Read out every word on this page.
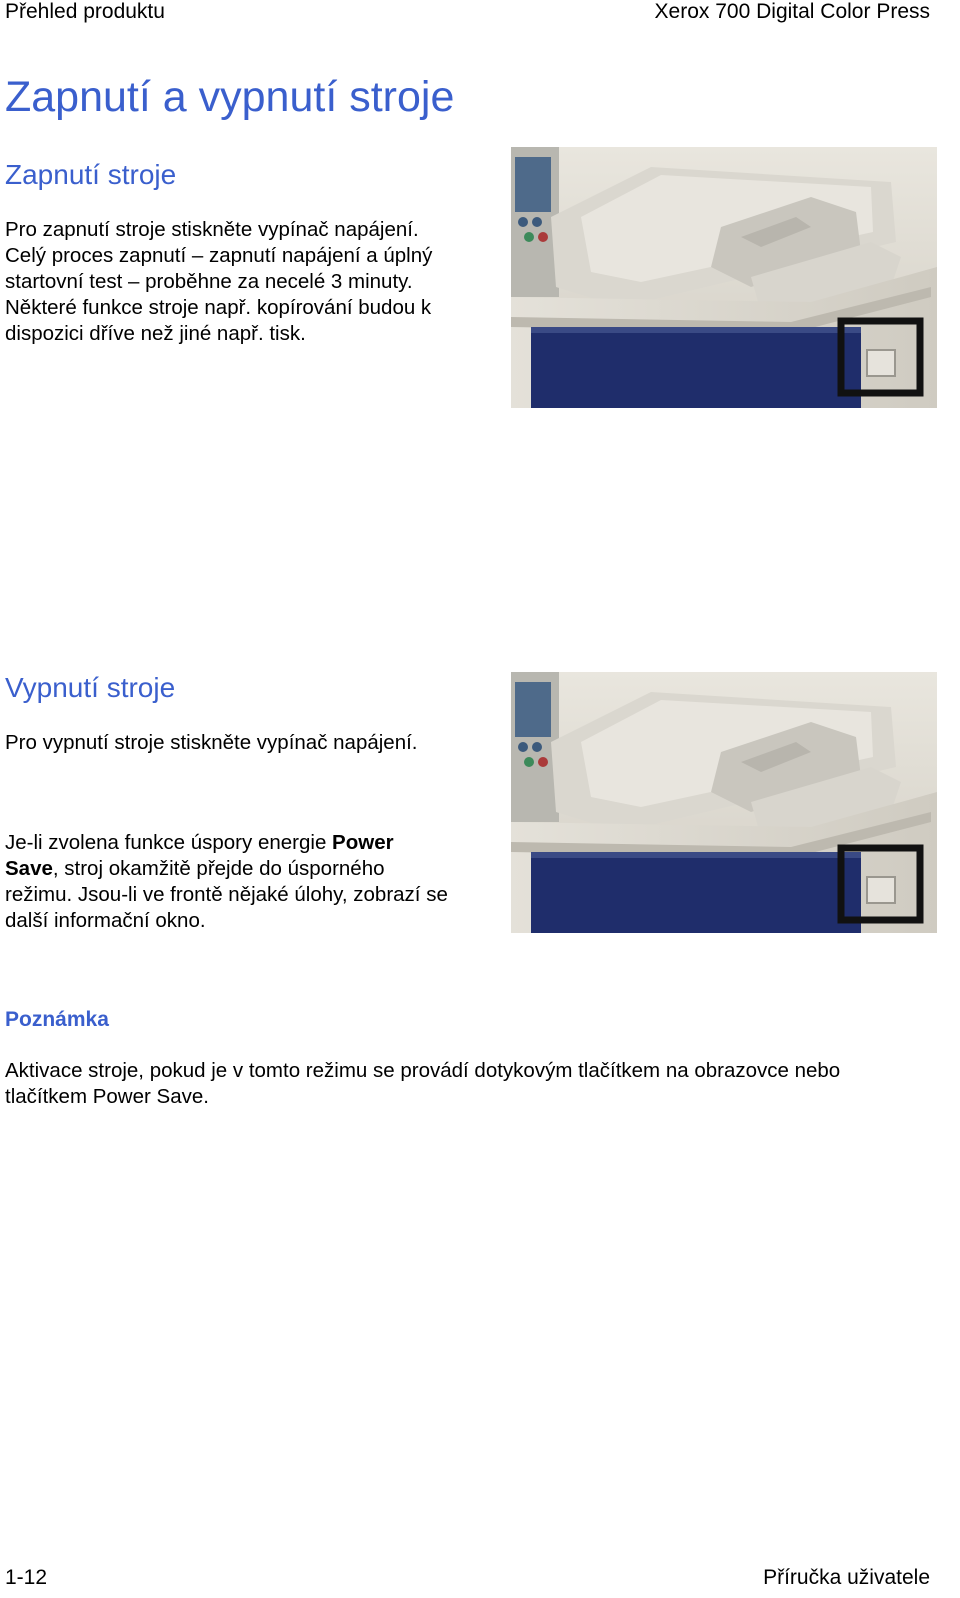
Přehled produktu	Xerox 700 Digital Color Press
Zapnutí a vypnutí stroje
Zapnutí stroje
Pro zapnutí stroje stiskněte vypínač napájení.
Celý proces zapnutí – zapnutí napájení a úplný
startovní test – proběhne za necelé 3 minuty.
Některé funkce stroje např. kopírování budou k
dispozici dříve než jiné např. tisk.
Vypnutí stroje
Pro vypnutí stroje stiskněte vypínač napájení.
Je-li zvolena funkce úspory energie Power
Save, stroj okamžitě přejde do úsporného
režimu. Jsou-li ve frontě nějaké úlohy, zobrazí se
další informační okno.
Poznámka
Aktivace stroje, pokud je v tomto režimu se provádí dotykovým tlačítkem na obrazovce nebo
tlačítkem Power Save.
1-12	Příručka uživatele
